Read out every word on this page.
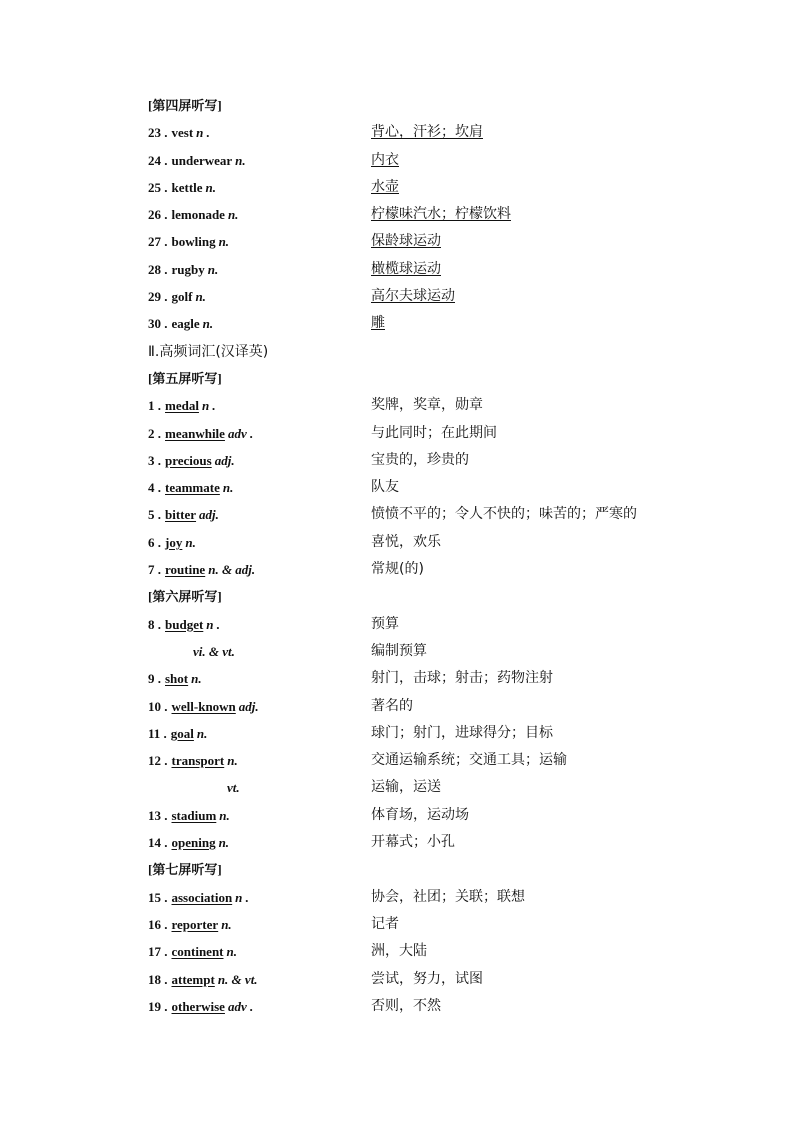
[第四屏听写]
23 . vest n .	背心，汗衫；坎肩
24 . underwear n.	内衣
25 . kettle n.	水壶
26 . lemonade n.	柠檬味汽水；柠檬饮料
27 . bowling n.	保龄球运动
28 . rugby n.	橄榄球运动
29 . golf n.	高尔夫球运动
30 . eagle n.	雕
Ⅱ.高频词汇(汉译英)
[第五屏听写]
1 . medal n .	奖牌，奖章，勋章
2 . meanwhile adv .	与此同时；在此期间
3 . precious adj.	宝贵的，珍贵的
4 . teammate n.	队友
5 . bitter adj.	愤愤不平的；令人不快的；味苦的；严寒的
6 . joy n.	喜悦，欢乐
7 . routine n. & adj.	常规(的)
[第六屏听写]
8 . budget n .	预算
vi. & vt.	编制预算
9 . shot n.	射门，击球；射击；药物注射
10 . well-known adj.	著名的
11 . goal n.	球门；射门，进球得分；目标
12 . transport n.	交通运输系统；交通工具；运输
vt.	运输，运送
13 . stadium n.	体育场，运动场
14 . opening n.	开幕式；小孔
[第七屏听写]
15 . association n .	协会，社团；关联；联想
16 . reporter n.	记者
17 . continent n.	洲，大陆
18 . attempt n. & vt.	尝试，努力，试图
19 . otherwise adv .	否则，不然
